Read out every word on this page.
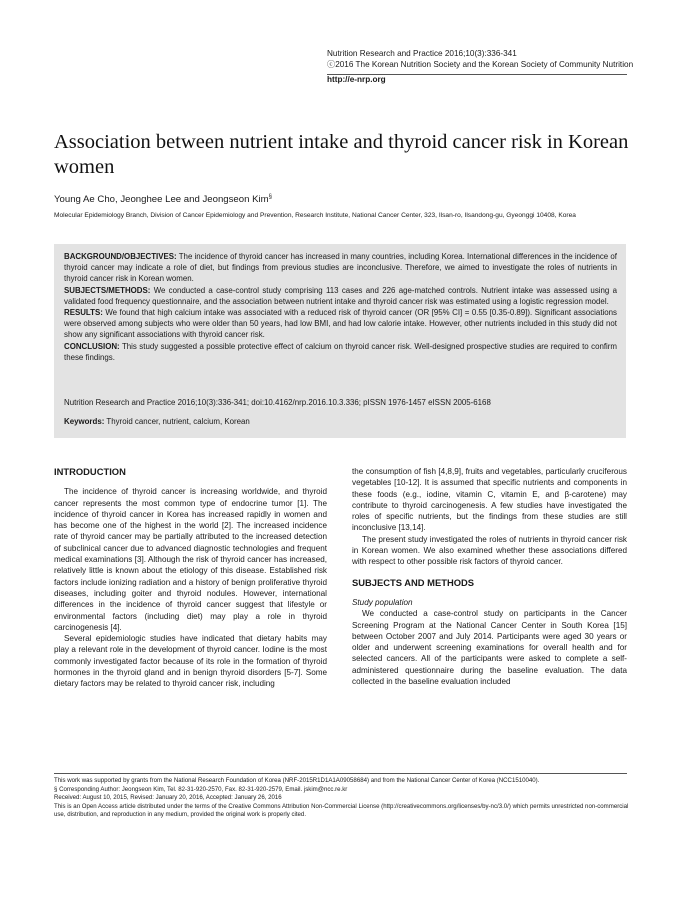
Nutrition Research and Practice 2016;10(3):336-341
ⓒ2016 The Korean Nutrition Society and the Korean Society of Community Nutrition
http://e-nrp.org
Association between nutrient intake and thyroid cancer risk in Korean women
Young Ae Cho, Jeonghee Lee and Jeongseon Kim§
Molecular Epidemiology Branch, Division of Cancer Epidemiology and Prevention, Research Institute, National Cancer Center, 323, Ilsan-ro, Ilsandong-gu, Gyeonggi 10408, Korea

BACKGROUND/OBJECTIVES: The incidence of thyroid cancer has increased in many countries, including Korea. International differences in the incidence of thyroid cancer may indicate a role of diet, but findings from previous studies are inconclusive. Therefore, we aimed to investigate the roles of nutrients in thyroid cancer risk in Korean women.

SUBJECTS/METHODS: We conducted a case-control study comprising 113 cases and 226 age-matched controls. Nutrient intake was assessed using a validated food frequency questionnaire, and the association between nutrient intake and thyroid cancer risk was estimated using a logistic regression model.

RESULTS: We found that high calcium intake was associated with a reduced risk of thyroid cancer (OR [95% CI] = 0.55 [0.35-0.89]). Significant associations were observed among subjects who were older than 50 years, had low BMI, and had low calorie intake. However, other nutrients included in this study did not show any significant associations with thyroid cancer risk.

CONCLUSION: This study suggested a possible protective effect of calcium on thyroid cancer risk. Well-designed prospective studies are required to confirm these findings.

Nutrition Research and Practice 2016;10(3):336-341; doi:10.4162/nrp.2016.10.3.336; pISSN 1976-1457 eISSN 2005-6168
Keywords: Thyroid cancer, nutrient, calcium, Korean
INTRODUCTION

The incidence of thyroid cancer is increasing worldwide, and thyroid cancer represents the most common type of endocrine tumor [1]. The incidence of thyroid cancer in Korea has increased rapidly in women and has become one of the highest in the world [2]. The increased incidence rate of thyroid cancer may be partially attributed to the increased detection of subclinical cancer due to advanced diagnostic technologies and frequent medical examinations [3]. Although the risk of thyroid cancer has increased, relatively little is known about the etiology of this disease. Established risk factors include ionizing radiation and a history of benign proliferative thyroid diseases, including goiter and thyroid nodules. However, international differences in the incidence of thyroid cancer suggest that lifestyle or environmental factors (including diet) may play a role in thyroid carcinogenesis [4].

Several epidemiologic studies have indicated that dietary habits may play a relevant role in the development of thyroid cancer. Iodine is the most commonly investigated factor because of its role in the formation of thyroid hormones in the thyroid gland and in benign thyroid disorders [5-7]. Some dietary factors may be related to thyroid cancer risk, including

the consumption of fish [4,8,9], fruits and vegetables, particularly cruciferous vegetables [10-12]. It is assumed that specific nutrients and components in these foods (e.g., iodine, vitamin C, vitamin E, and β-carotene) may contribute to thyroid carcinogenesis. A few studies have investigated the roles of specific nutrients, but the findings from these studies are still inconclusive [13,14].

The present study investigated the roles of nutrients in thyroid cancer risk in Korean women. We also examined whether these associations differed with respect to other possible risk factors of thyroid cancer.

SUBJECTS AND METHODS

Study population

We conducted a case-control study on participants in the Cancer Screening Program at the National Cancer Center in South Korea [15] between October 2007 and July 2014. Participants were aged 30 years or older and underwent screening examinations for overall health and for selected cancers. All of the participants were asked to complete a self-administered questionnaire during the baseline evaluation. The data collected in the baseline evaluation included

This work was supported by grants from the National Research Foundation of Korea (NRF-2015R1D1A1A09058684) and from the National Cancer Center of Korea (NCC1510040).

§ Corresponding Author: Jeongseon Kim, Tel. 82-31-920-2570, Fax. 82-31-920-2579, Email. jskim@ncc.re.kr

Received: August 10, 2015, Revised: January 20, 2016, Accepted: January 26, 2016

This is an Open Access article distributed under the terms of the Creative Commons Attribution Non-Commercial License (http://creativecommons.org/licenses/by-nc/3.0/) which permits unrestricted non-commercial use, distribution, and reproduction in any medium, provided the original work is properly cited.
